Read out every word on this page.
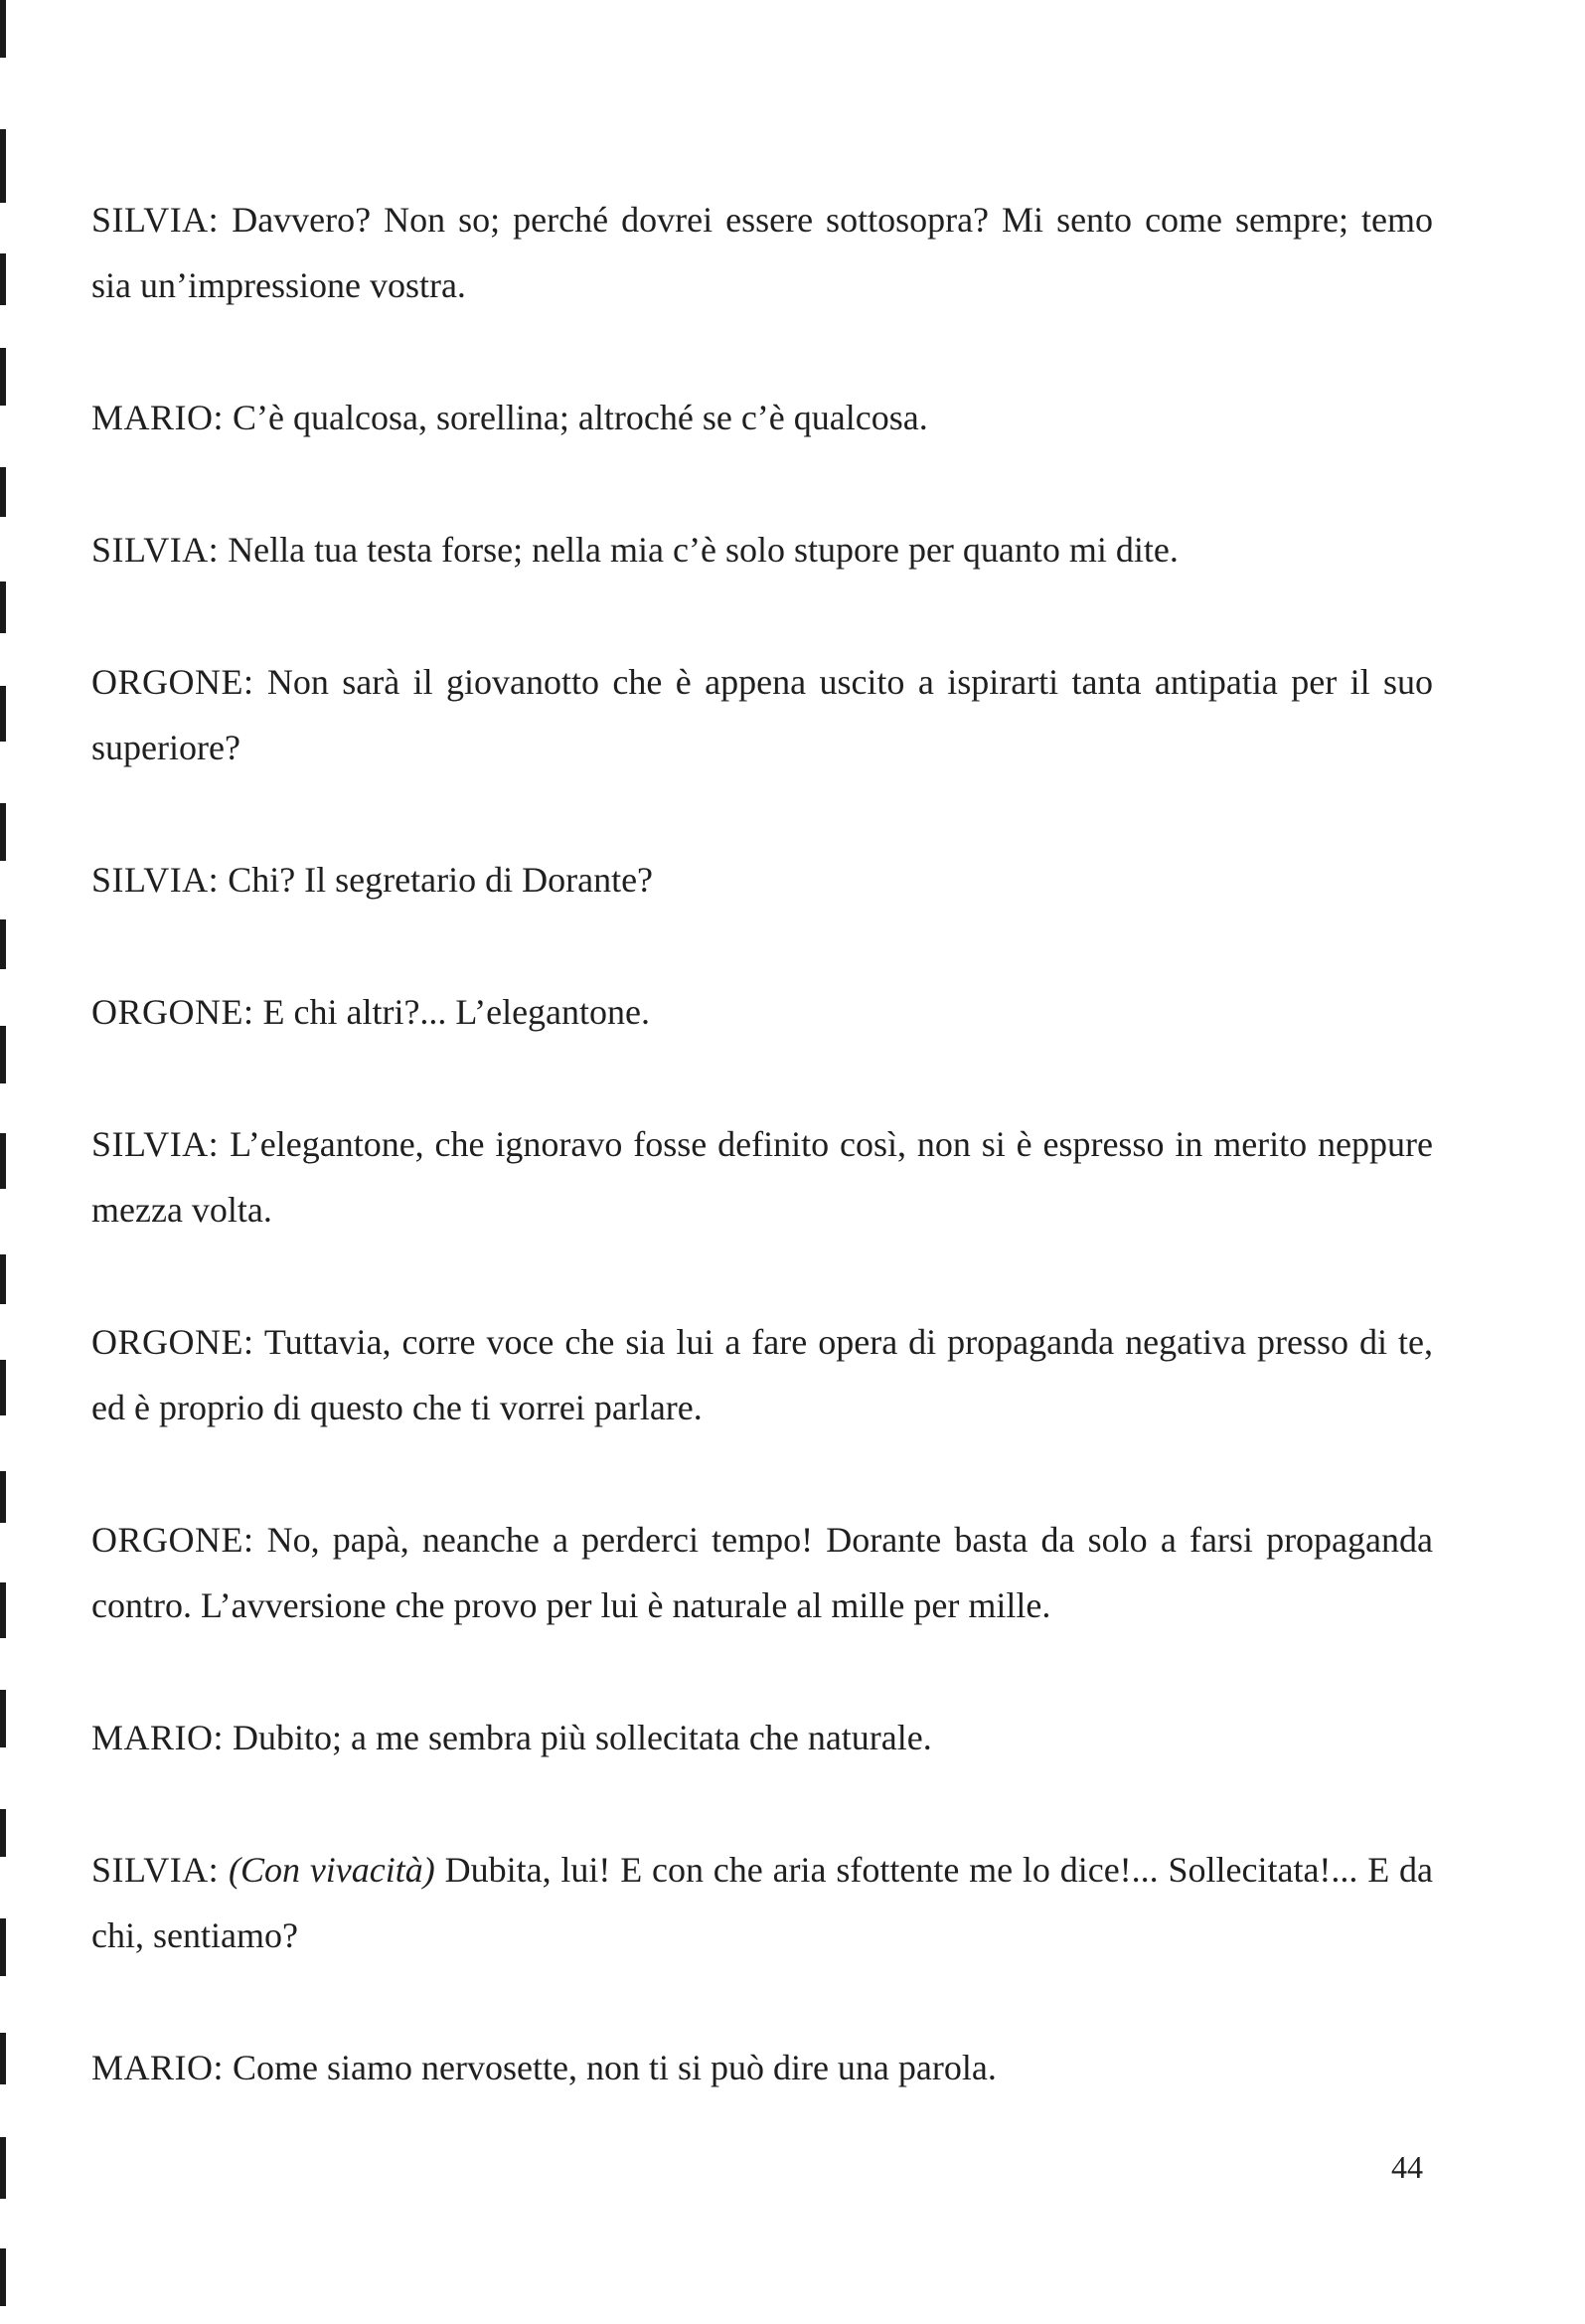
SILVIA: Davvero? Non so; perché dovrei essere sottosopra? Mi sento come sempre; temo sia un’impressione vostra.

MARIO: C’è qualcosa, sorellina; altroché se c’è qualcosa.

SILVIA: Nella tua testa forse; nella mia c’è solo stupore per quanto mi dite.

ORGONE: Non sarà il giovanotto che è appena uscito a ispirarti tanta antipatia per il suo superiore?

SILVIA: Chi? Il segretario di Dorante?

ORGONE: E chi altri?... L’elegantone.

SILVIA: L’elegantone, che ignoravo fosse definito così, non si è espresso in merito neppure mezza volta.

ORGONE: Tuttavia, corre voce che sia lui a fare opera di propaganda negativa presso di te, ed è proprio di questo che ti vorrei parlare.

ORGONE: No, papà, neanche a perderci tempo! Dorante basta da solo a farsi propaganda contro. L’avversione che provo per lui è naturale al mille per mille.

MARIO: Dubito; a me sembra più sollecitata che naturale.

SILVIA: (Con vivacità) Dubita, lui! E con che aria sfottente me lo dice!... Sollecitata!... E da chi, sentiamo?

MARIO: Come siamo nervosette, non ti si può dire una parola.

44
